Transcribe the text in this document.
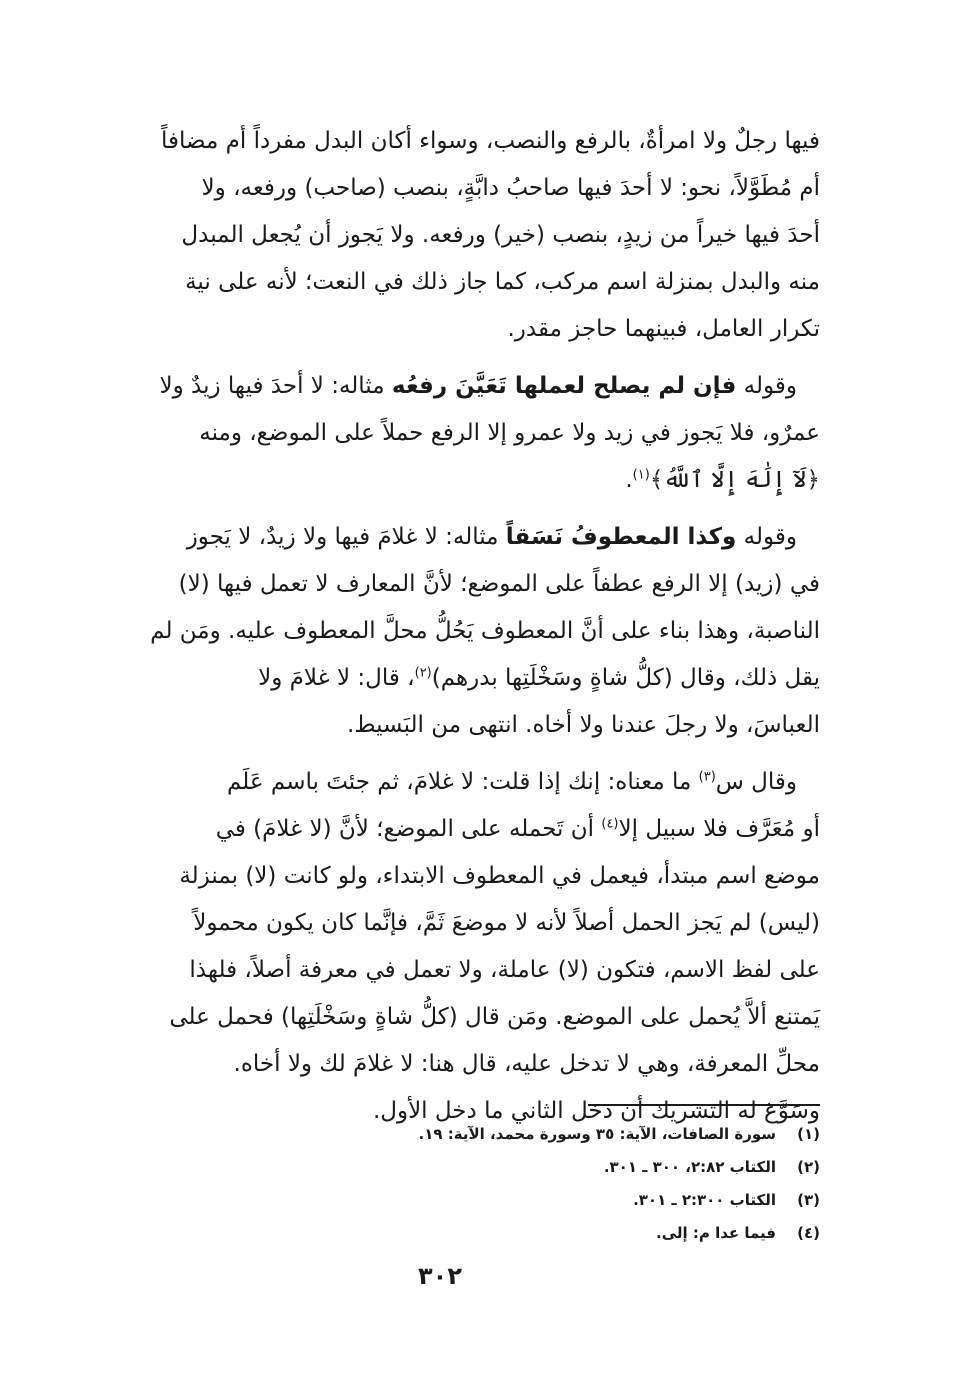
فيها رجلٌ ولا امرأةٌ، بالرفع والنصب، وسواء أكان البدل مفرداً أم مضافاً
أم مُطَوَّلاً، نحو: لا أحدَ فيها صاحبُ دابَّةٍ، بنصب (صاحب) ورفعه، ولا
أحدَ فيها خيراً من زيدٍ، بنصب (خير) ورفعه. ولا يَجوز أن يُجعل المبدل
منه والبدل بمنزلة اسم مركب، كما جاز ذلك في النعت؛ لأنه على نية
تكرار العامل، فبينهما حاجز مقدر.

 وقوله فإن لم يصلح لعملها تَعَيَّنَ رفعُه مثاله: لا أحدَ فيها زيدٌ ولا
عمرٌو، فلا يَجوز في زيد ولا عمرو إلا الرفع حملاً على الموضع، ومنه
﴿لَآ إِلَٰهَ إِلَّا ٱللَّهُ﴾$^{(١)}$.

 وقوله وكذا المعطوفُ نَسَقاً مثاله: لا غلامَ فيها ولا زيدٌ، لا يَجوز
في (زيد) إلا الرفع عطفاً على الموضع؛ لأنَّ المعارف لا تعمل فيها (لا)
الناصبة، وهذا بناء على أنَّ المعطوف يَحُلُّ محلَّ المعطوف عليه. ومَن لم
يقل ذلك، وقال (كلُّ شاةٍ وسَخْلَتِها بدرهم)$^{(٢)}$، قال: لا غلامَ ولا
العباسَ، ولا رجلَ عندنا ولا أخاه. انتهى من البَسيط.

 وقال س$^{(٣)}$ ما معناه: إنك إذا قلت: لا غلامَ، ثم جئتَ باسم عَلَم
أو مُعَرَّف فلا سبيل إلا$^{(٤)}$ أن تَحمله على الموضع؛ لأنَّ (لا غلامَ) في
موضع اسم مبتدأ، فيعمل في المعطوف الابتداء، ولو كانت (لا) بمنزلة
(ليس) لم يَجز الحمل أصلاً لأنه لا موضعَ ثَمَّ، فإنَّما كان يكون محمولاً
على لفظ الاسم، فتكون (لا) عاملة، ولا تعمل في معرفة أصلاً، فلهذا
يَمتنع ألاَّ يُحمل على الموضع. ومَن قال (كلُّ شاةٍ وسَخْلَتِها) فحمل على
محلِّ المعرفة، وهي لا تدخل عليه، قال هنا: لا غلامَ لك ولا أخاه.
وسَوَّغ له التشريك أن دخل الثاني ما دخل الأول.

(١)سورة الصافات، الآية: ٣٥ وسورة محمد، الآية: ١٩.
(٢)الكتاب ٢:٨٢، ٣٠٠ ـ ٣٠١.
(٣)الكتاب ٢:٣٠٠ ـ ٣٠١.
(٤)فيما عدا م: إلى.
٣٠٢
